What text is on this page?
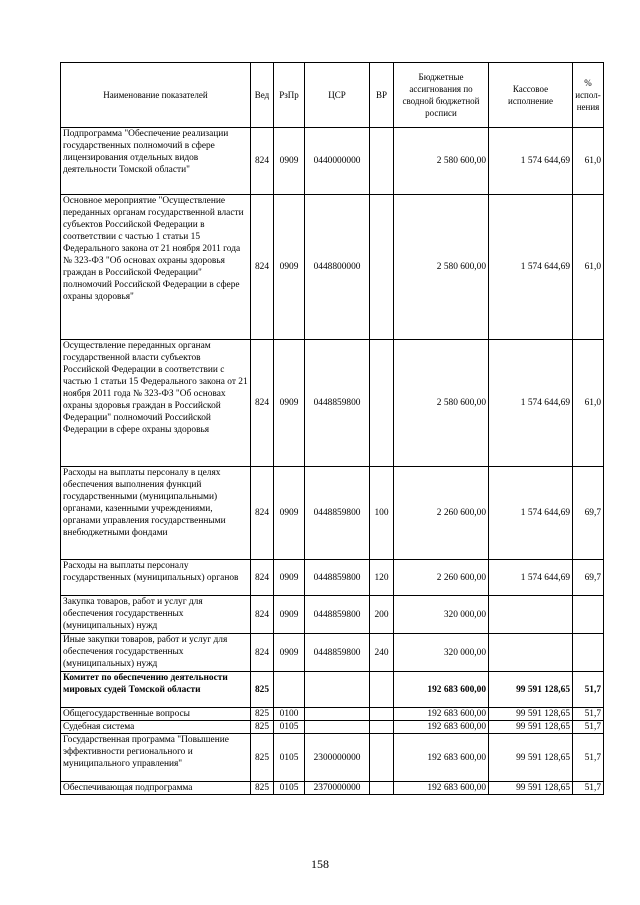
Наименование показателей	Вед	РзПр	ЦСР	ВР	Бюджетные ассигнования по сводной бюджетной росписи	Кассовое исполнение	% испол-нения
Подпрограмма "Обеспечение реализации государственных полномочий в сфере лицензирования отдельных видов деятельности Томской области"	824	0909	0440000000		2 580 600,00	1 574 644,69	61,0
Основное мероприятие "Осуществление переданных органам государственной власти субъектов Российской Федерации в соответствии с частью 1 статьи 15 Федерального закона от 21 ноября 2011 года № 323-ФЗ "Об основах охраны здоровья граждан в Российской Федерации" полномочий Российской Федерации в сфере охраны здоровья"	824	0909	0448800000		2 580 600,00	1 574 644,69	61,0
Осуществление переданных органам государственной власти субъектов Российской Федерации в соответствии с частью 1 статьи 15 Федерального закона от 21 ноября 2011 года № 323-ФЗ "Об основах охраны здоровья граждан в Российской Федерации" полномочий Российской Федерации в сфере охраны здоровья	824	0909	0448859800		2 580 600,00	1 574 644,69	61,0
Расходы на выплаты персоналу в целях обеспечения выполнения функций государственными (муниципальными) органами, казенными учреждениями, органами управления государственными внебюджетными фондами	824	0909	0448859800	100	2 260 600,00	1 574 644,69	69,7
Расходы на выплаты персоналу государственных (муниципальных) органов	824	0909	0448859800	120	2 260 600,00	1 574 644,69	69,7
Закупка товаров, работ и услуг для обеспечения государственных (муниципальных) нужд	824	0909	0448859800	200	320 000,00		
Иные закупки товаров, работ и услуг для обеспечения государственных (муниципальных) нужд	824	0909	0448859800	240	320 000,00		
Комитет по обеспечению деятельности мировых судей Томской области	825				192 683 600,00	99 591 128,65	51,7
Общегосударственные вопросы	825	0100			192 683 600,00	99 591 128,65	51,7
Судебная система	825	0105			192 683 600,00	99 591 128,65	51,7
Государственная программа "Повышение эффективности регионального и муниципального управления"	825	0105	2300000000		192 683 600,00	99 591 128,65	51,7
Обеспечивающая подпрограмма	825	0105	2370000000		192 683 600,00	99 591 128,65	51,7
158
